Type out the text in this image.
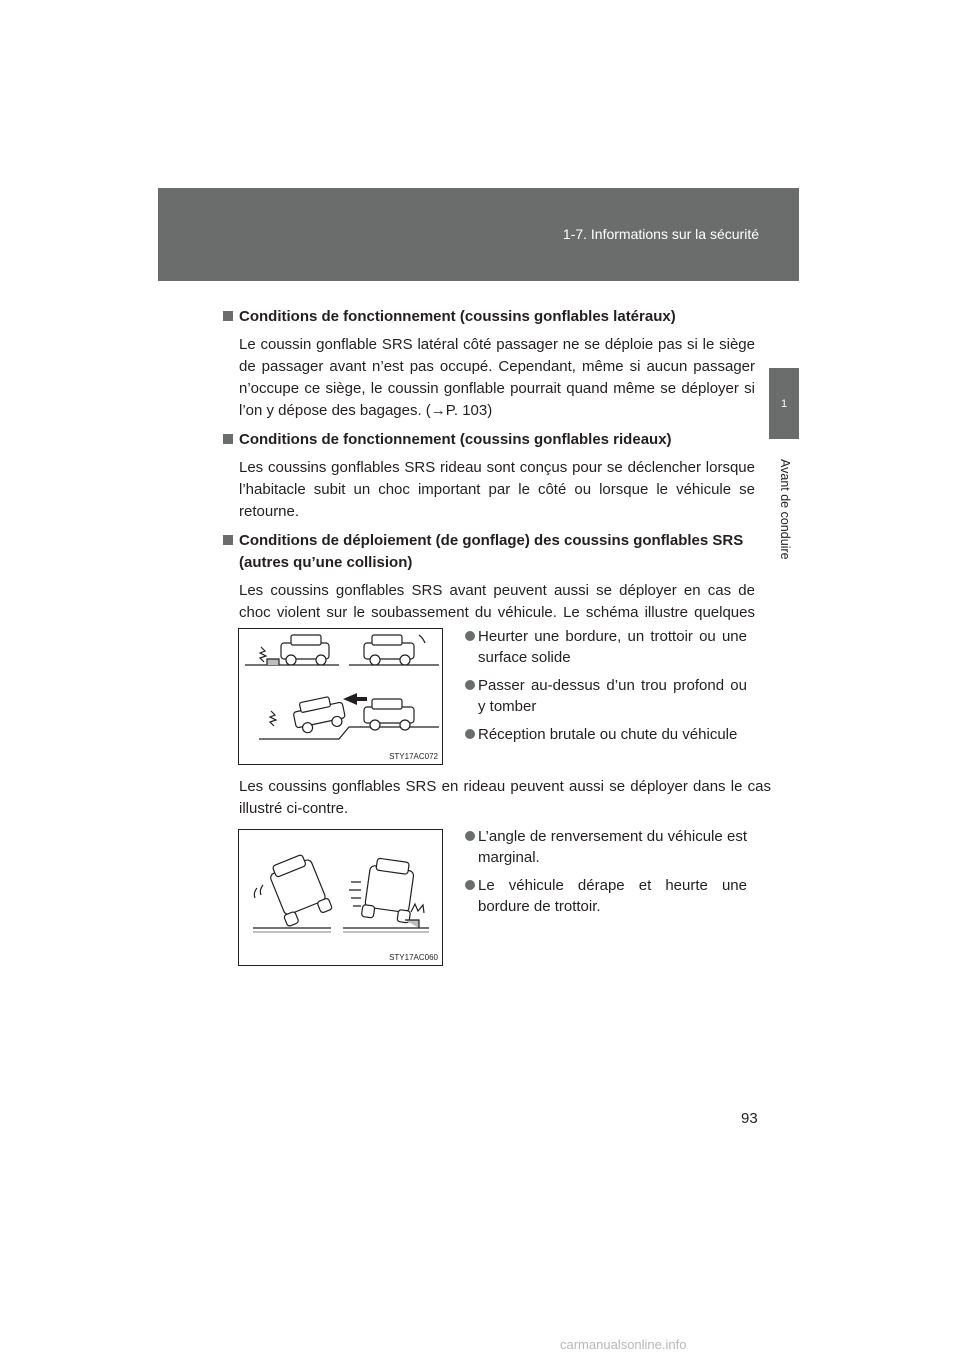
1-7. Informations sur la sécurité
1
Avant de conduire

Conditions de fonctionnement (coussins gonflables latéraux)

Le coussin gonflable SRS latéral côté passager ne se déploie pas si le siège de passager avant n’est pas occupé. Cependant, même si aucun passager n’occupe ce siège, le coussin gonflable pourrait quand même se déployer si l’on y dépose des bagages. (→P. 103)

Conditions de fonctionnement (coussins gonflables rideaux)

Les coussins gonflables SRS rideau sont conçus pour se déclencher lorsque l’habitacle subit un choc important par le côté ou lorsque le véhicule se retourne.

Conditions de déploiement (de gonflage) des coussins gonflables SRS (autres qu’une collision)

Les coussins gonflables SRS avant peuvent aussi se déployer en cas de choc violent sur le soubassement du véhicule. Le schéma illustre quelques

STY17AC072
Heurter une bordure, un trottoir ou une surface solide
Passer au-dessus d’un trou profond ou y tomber
Réception brutale ou chute du véhicule

Les coussins gonflables SRS en rideau peuvent aussi se déployer dans le cas illustré ci-contre.

STY17AC060
L’angle de renversement du véhicule est marginal.
Le véhicule dérape et heurte une bordure de trottoir.
93
carmanualsonline.info
